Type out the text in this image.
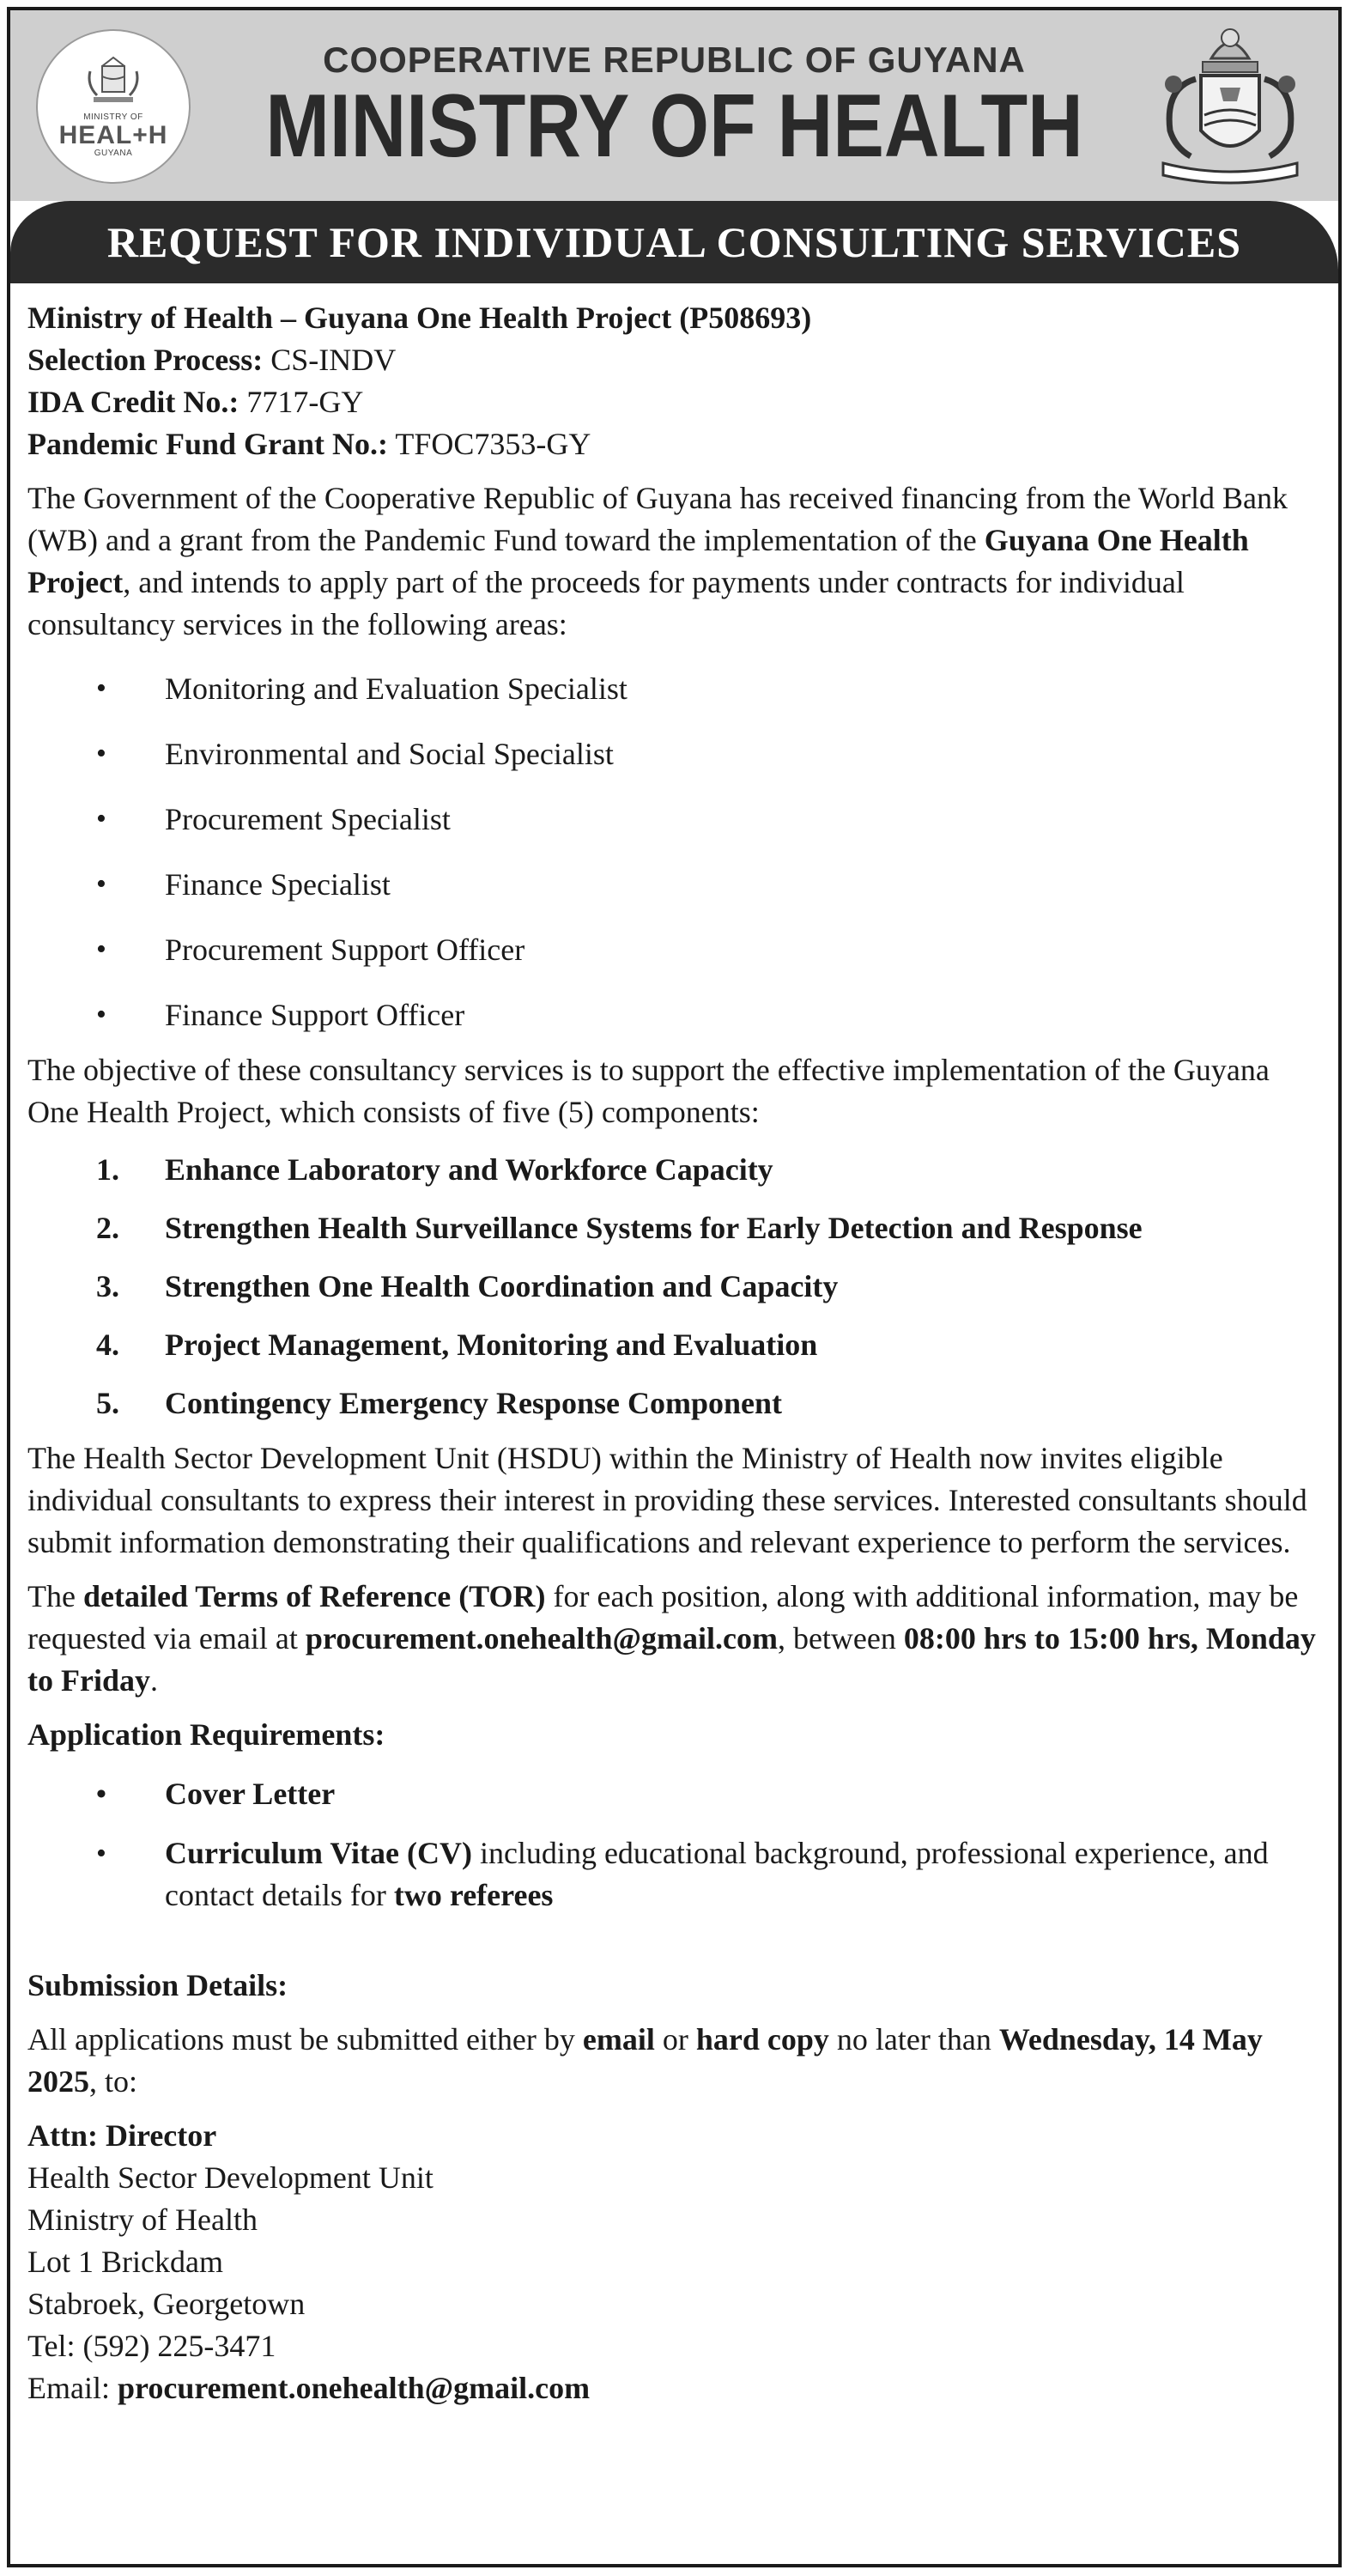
MINISTRY OF
HEAL+H
GUYANA
COOPERATIVE REPUBLIC OF GUYANA
MINISTRY OF HEALTH
REQUEST FOR INDIVIDUAL CONSULTING SERVICES

Ministry of Health – Guyana One Health Project (P508693)

Selection Process: CS-INDV

IDA Credit No.: 7717-GY

Pandemic Fund Grant No.: TFOC7353-GY

The Government of the Cooperative Republic of Guyana has received financing from the World Bank (WB) and a grant from the Pandemic Fund toward the implementation of the Guyana One Health Project, and intends to apply part of the proceeds for payments under contracts for individual consultancy services in the following areas:

• Monitoring and Evaluation Specialist
• Environmental and Social Specialist
• Procurement Specialist
• Finance Specialist
• Procurement Support Officer
• Finance Support Officer

The objective of these consultancy services is to support the effective implementation of the Guyana One Health Project, which consists of five (5) components:

1. Enhance Laboratory and Workforce Capacity
2. Strengthen Health Surveillance Systems for Early Detection and Response
3. Strengthen One Health Coordination and Capacity
4. Project Management, Monitoring and Evaluation
5. Contingency Emergency Response Component

The Health Sector Development Unit (HSDU) within the Ministry of Health now invites eligible individual consultants to express their interest in providing these services. Interested consultants should submit information demonstrating their qualifications and relevant experience to perform the services.

The detailed Terms of Reference (TOR) for each position, along with additional information, may be requested via email at procurement.onehealth@gmail.com, between 08:00 hrs to 15:00 hrs, Monday to Friday.

Application Requirements:

• Cover Letter
• Curriculum Vitae (CV) including educational background, professional experience, and contact details for two referees

Submission Details:

All applications must be submitted either by email or hard copy no later than Wednesday, 14 May 2025, to:

Attn: Director

Health Sector Development Unit

Ministry of Health

Lot 1 Brickdam

Stabroek, Georgetown

Tel: (592) 225-3471

Email: procurement.onehealth@gmail.com
